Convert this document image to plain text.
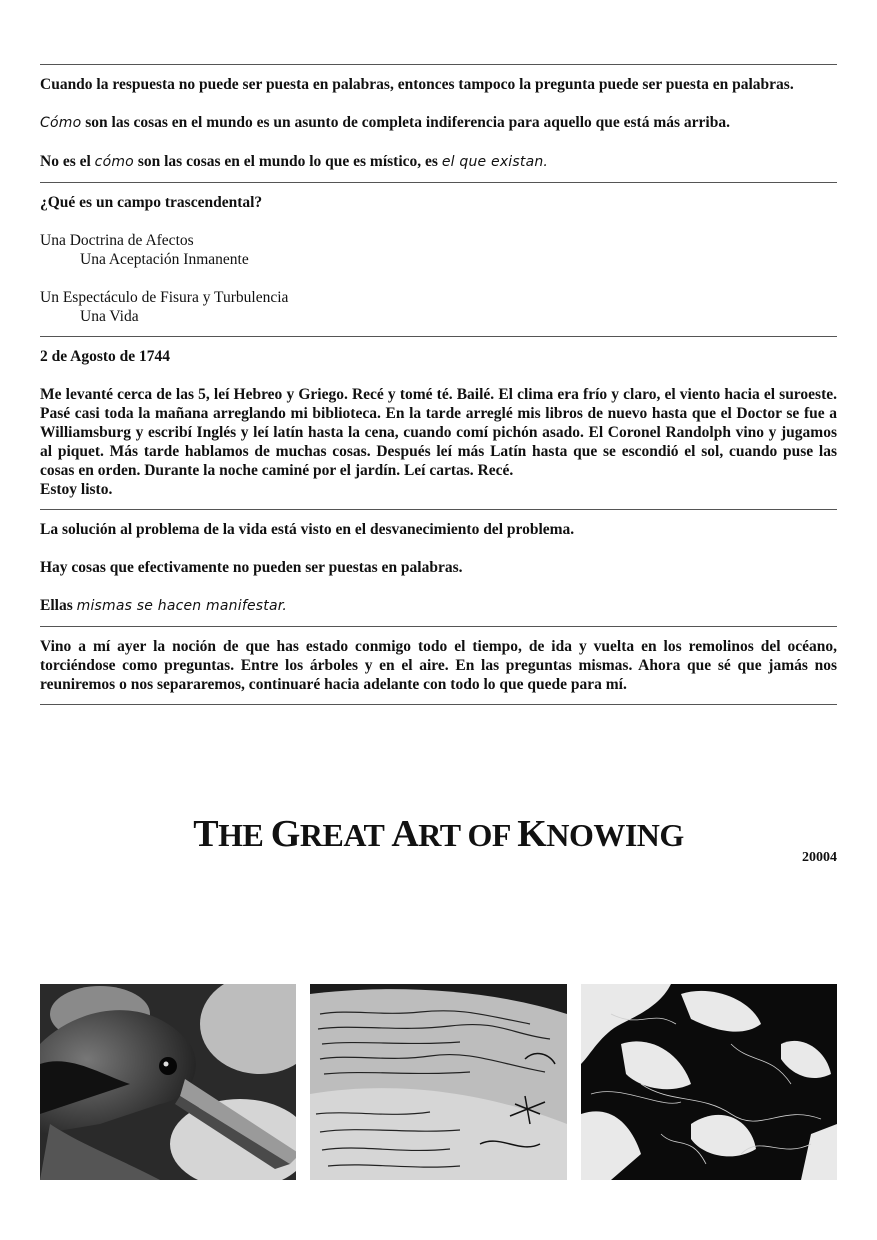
Cuando la respuesta no puede ser puesta en palabras, entonces tampoco la pregunta puede ser puesta en palabras.

Cómo son las cosas en el mundo es un asunto de completa indiferencia para aquello que está más arriba.

No es el cómo son las cosas en el mundo lo que es místico, es el que existan.

¿Qué es un campo trascendental?

Una Doctrina de Afectos

Una Aceptación Inmanente

Un Espectáculo de Fisura y Turbulencia

Una Vida

2 de Agosto de 1744

Me levanté cerca de las 5, leí Hebreo y Griego. Recé y tomé té. Bailé. El clima era frío y claro, el viento hacia el suroeste. Pasé casi toda la mañana arreglando mi biblioteca. En la tarde arreglé mis libros de nuevo hasta que el Doctor se fue a Williamsburg y escribí Inglés y leí latín hasta la cena, cuando comí pichón asado. El Coronel Randolph vino y jugamos al piquet. Más tarde hablamos de muchas cosas. Después leí más Latín hasta que se escondió el sol, cuando puse las cosas en orden. Durante la noche caminé por el jardín. Leí cartas. Recé.

Estoy listo.

La solución al problema de la vida está visto en el desvanecimiento del problema.

Hay cosas que efectivamente no pueden ser puestas en palabras.

Ellas mismas se hacen manifestar.

Vino a mí ayer la noción de que has estado conmigo todo el tiempo, de ida y vuelta en los remolinos del océano, torciéndose como preguntas. Entre los árboles y en el aire. En las preguntas mismas. Ahora que sé que jamás nos reuniremos o nos separaremos, continuaré hacia adelante con todo lo que quede para mí.

THE GREAT ART OF KNOWING
20004
